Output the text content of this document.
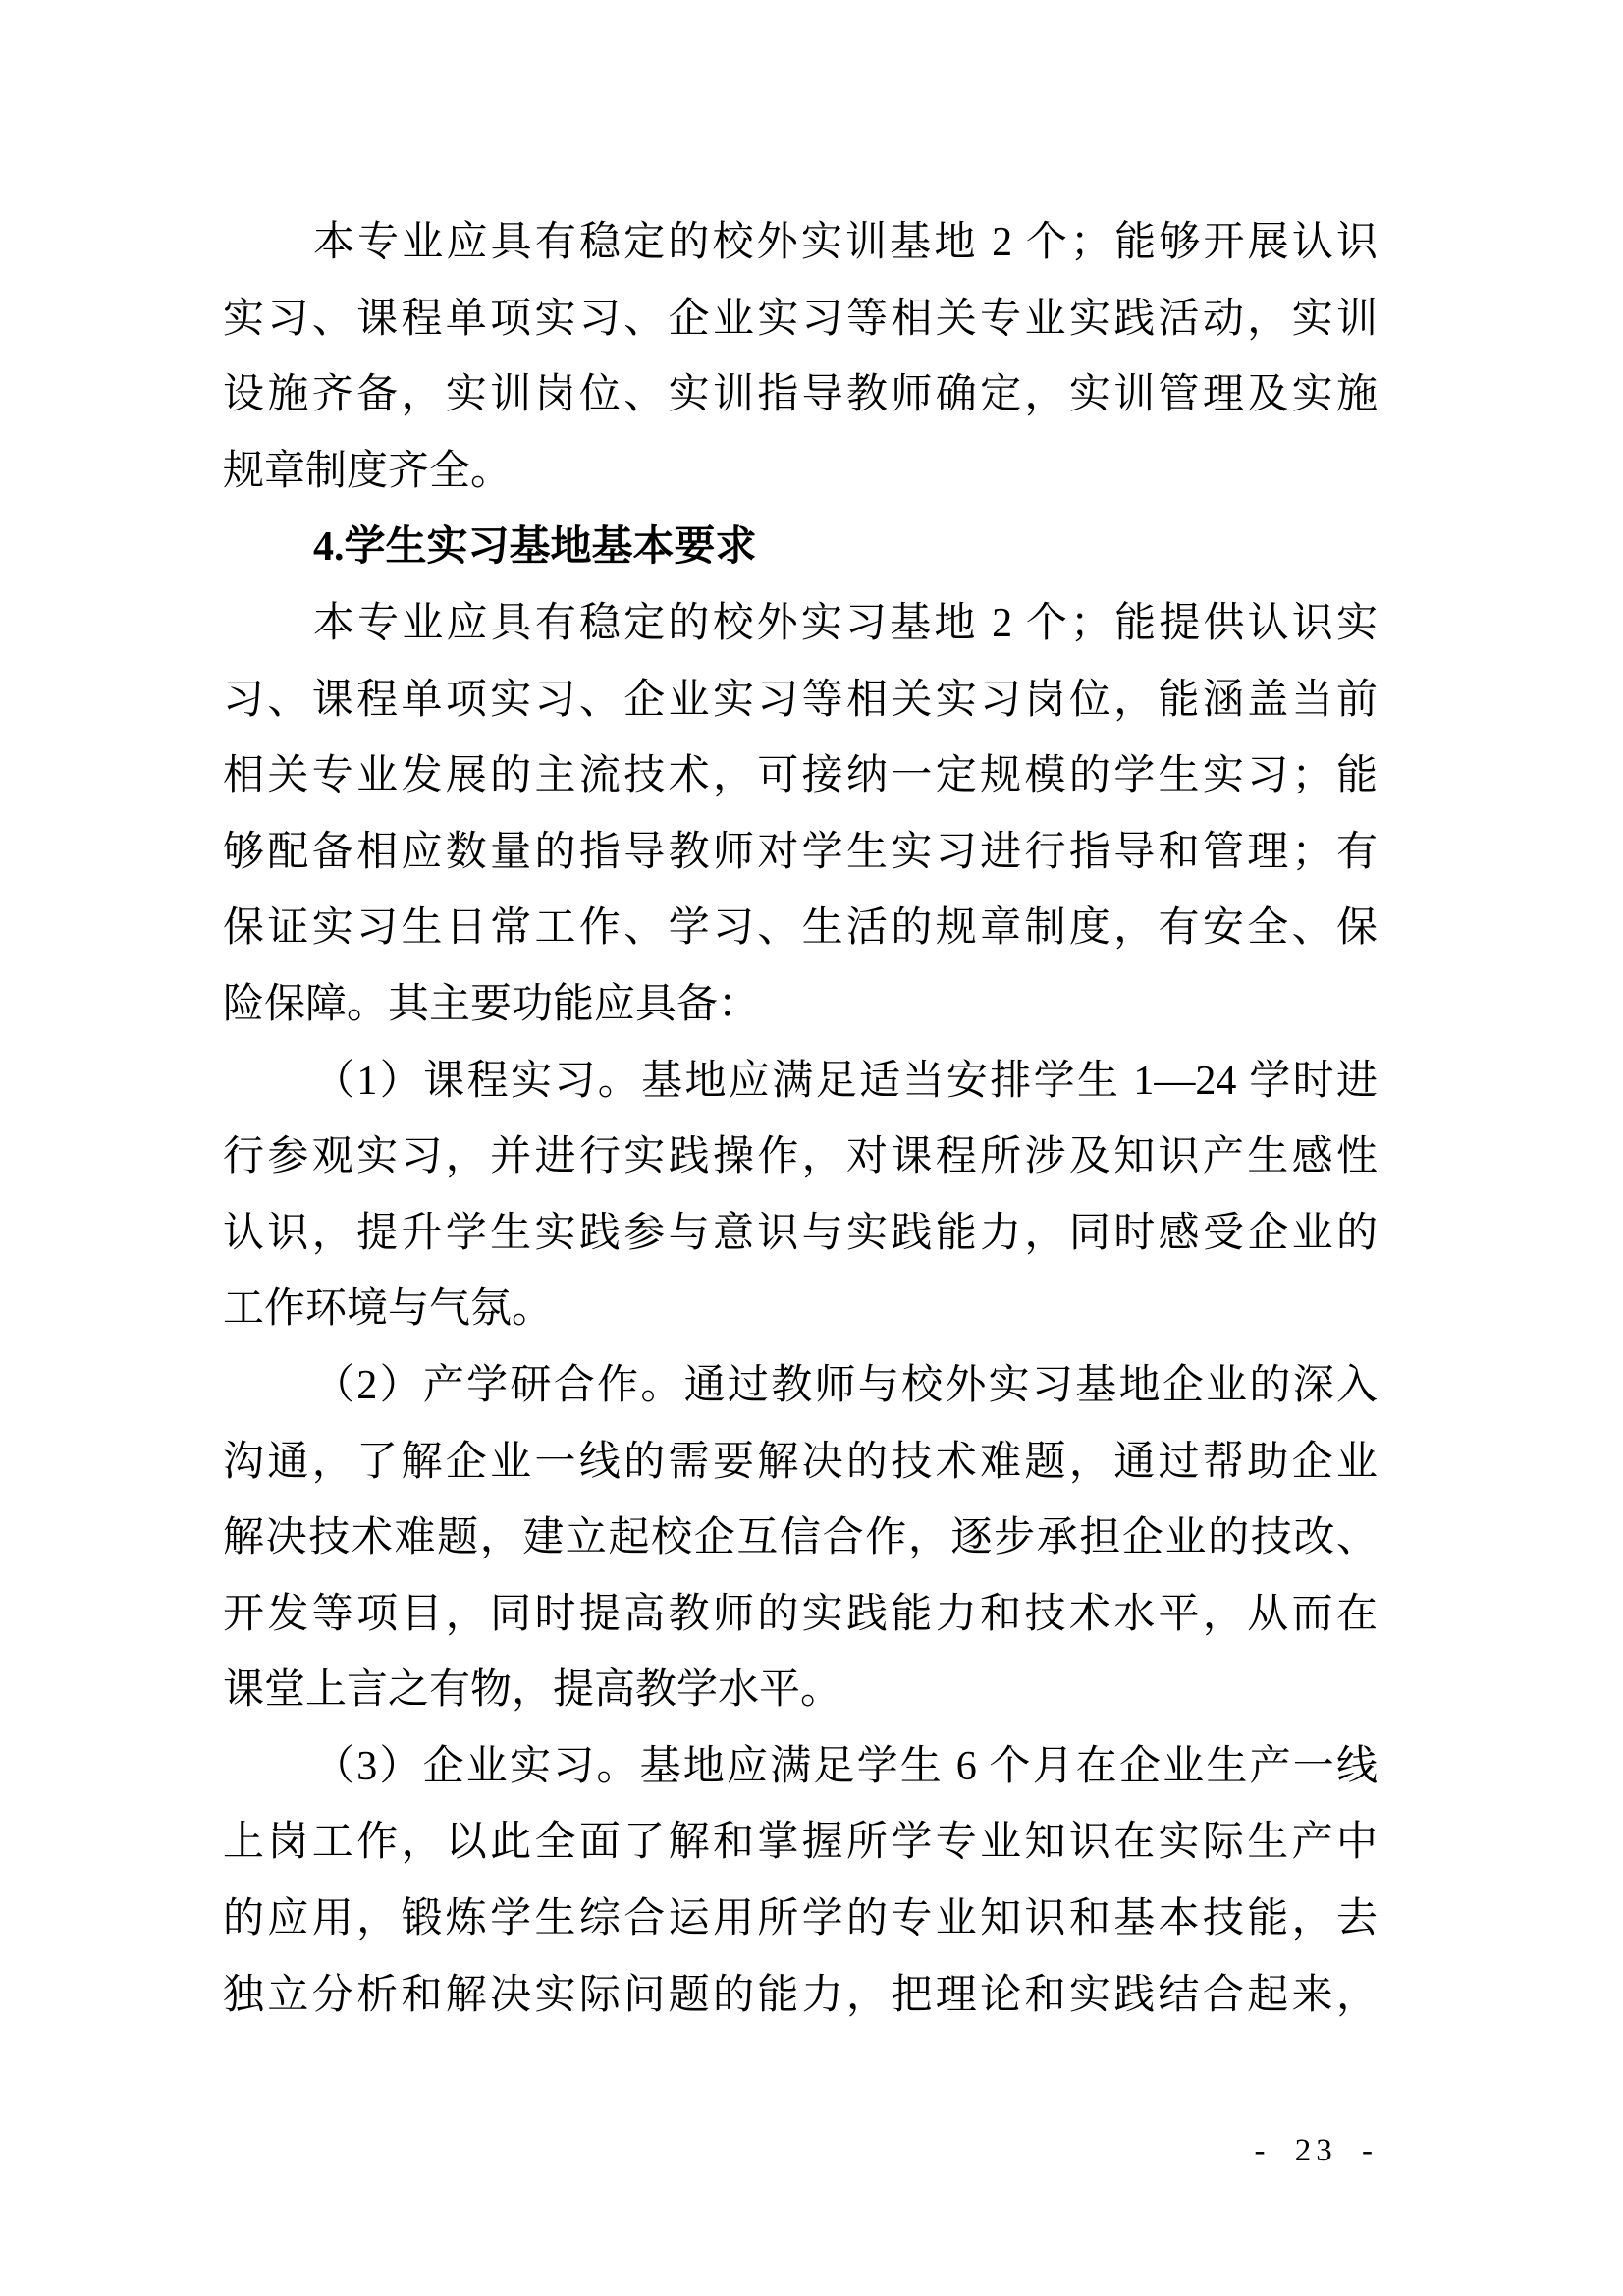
本专业应具有稳定的校外实训基地 2 个；能够开展认识
实习、课程单项实习、企业实习等相关专业实践活动，实训
设施齐备，实训岗位、实训指导教师确定，实训管理及实施
规章制度齐全。
4.学生实习基地基本要求
本专业应具有稳定的校外实习基地 2 个；能提供认识实
习、课程单项实习、企业实习等相关实习岗位，能涵盖当前
相关专业发展的主流技术，可接纳一定规模的学生实习；能
够配备相应数量的指导教师对学生实习进行指导和管理；有
保证实习生日常工作、学习、生活的规章制度，有安全、保
险保障。其主要功能应具备：
（1）课程实习。基地应满足适当安排学生 1—24 学时进
行参观实习，并进行实践操作，对课程所涉及知识产生感性
认识，提升学生实践参与意识与实践能力，同时感受企业的
工作环境与气氛。
（2）产学研合作。通过教师与校外实习基地企业的深入
沟通，了解企业一线的需要解决的技术难题，通过帮助企业
解决技术难题，建立起校企互信合作，逐步承担企业的技改、
开发等项目，同时提高教师的实践能力和技术水平，从而在
课堂上言之有物，提高教学水平。
（3）企业实习。基地应满足学生 6 个月在企业生产一线
上岗工作，以此全面了解和掌握所学专业知识在实际生产中
的应用，锻炼学生综合运用所学的专业知识和基本技能，去
独立分析和解决实际问题的能力，把理论和实践结合起来，
- 23 -
